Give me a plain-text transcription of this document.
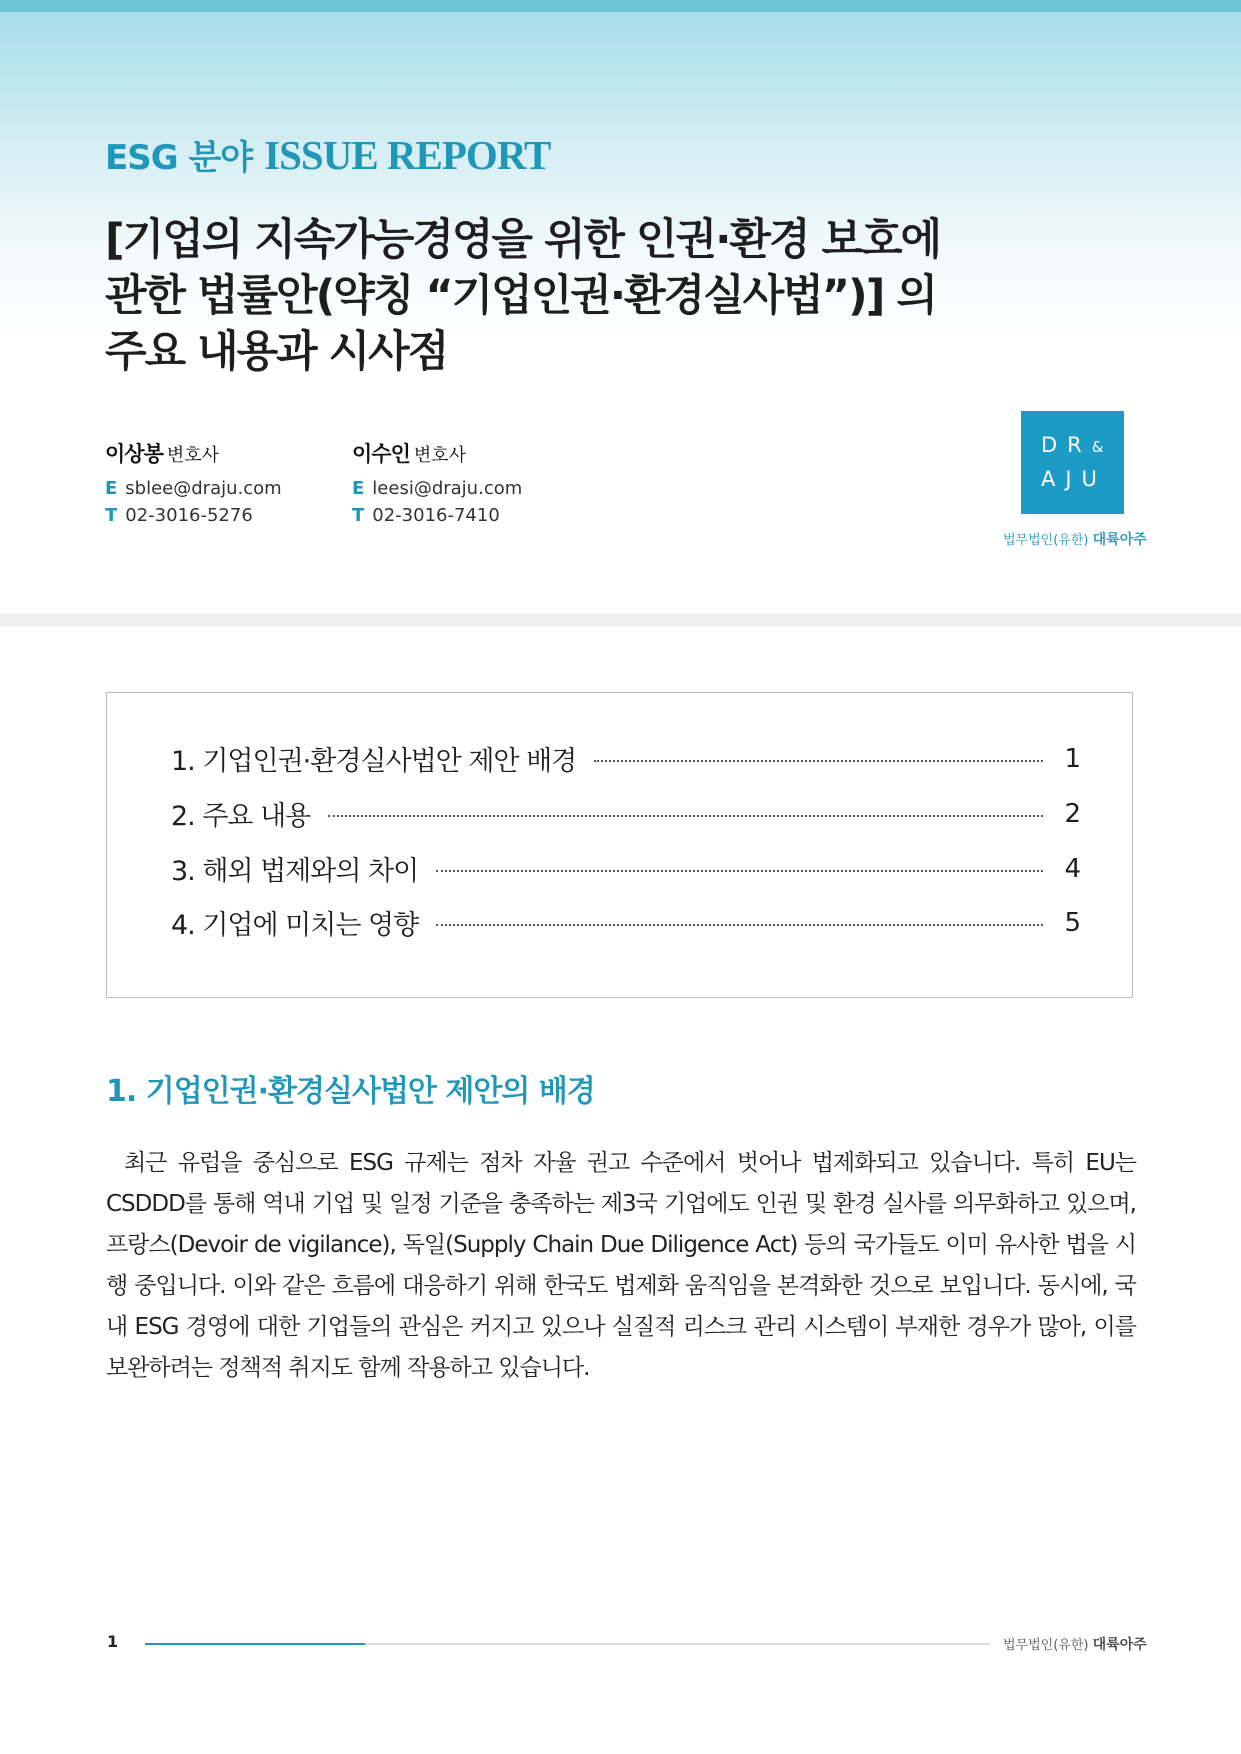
ESG 분야 ISSUE REPORT
[기업의 지속가능경영을 위한 인권·환경 보호에
관한 법률안(약칭 “기업인권·환경실사법”)] 의
주요 내용과 시사점
이상봉 변호사
E sblee@draju.com
T 02-3016-5276
이수인 변호사
E leesi@draju.com
T 02-3016-7410
DR&
AJU
법무법인(유한) 대륙아주
1. 기업인권·환경실사법안 제안 배경	1
2. 주요 내용	2
3. 해외 법제와의 차이	4
4. 기업에 미치는 영향	5
1. 기업인권·환경실사법안 제안의 배경

최근 유럽을 중심으로 ESG 규제는 점차 자율 권고 수준에서 벗어나 법제화되고 있습니다. 특히 EU는 CSDDD를 통해 역내 기업 및 일정 기준을 충족하는 제3국 기업에도 인권 및 환경 실사를 의무화하고 있으며, 프랑스(Devoir de vigilance), 독일(Supply Chain Due Diligence Act) 등의 국가들도 이미 유사한 법을 시행 중입니다. 이와 같은 흐름에 대응하기 위해 한국도 법제화 움직임을 본격화한 것으로 보입니다. 동시에, 국내 ESG 경영에 대한 기업들의 관심은 커지고 있으나 실질적 리스크 관리 시스템이 부재한 경우가 많아, 이를 보완하려는 정책적 취지도 함께 작용하고 있습니다.

1	법무법인(유한) 대륙아주
